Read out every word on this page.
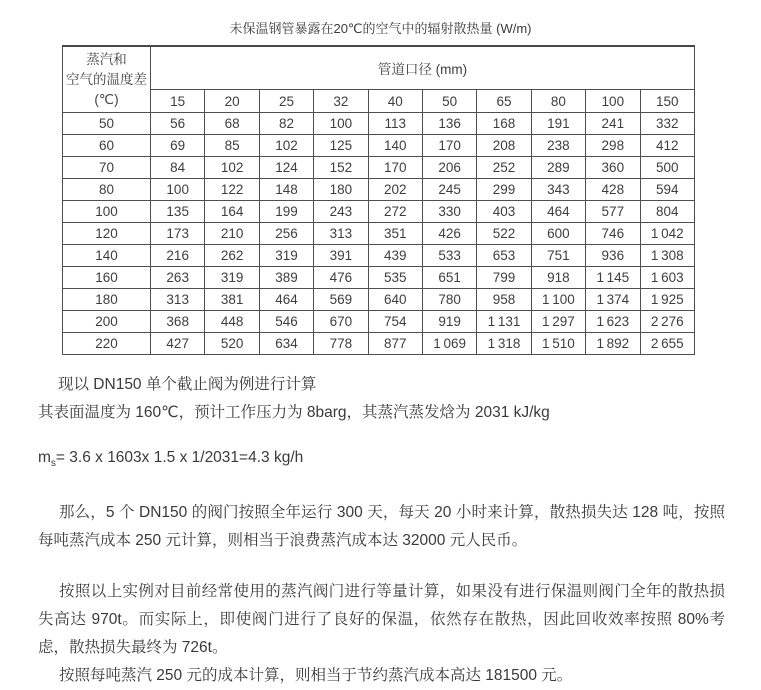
未保温钢管暴露在20℃的空气中的辐射散热量 (W/m)
蒸汽和
空气的温度差
(℃)	管道口径 (mm)									
	15	20	25	32	40	50	65	80	100	150
50	56	68	82	100	113	136	168	191	241	332
60	69	85	102	125	140	170	208	238	298	412
70	84	102	124	152	170	206	252	289	360	500
80	100	122	148	180	202	245	299	343	428	594
100	135	164	199	243	272	330	403	464	577	804
120	173	210	256	313	351	426	522	600	746	1 042
140	216	262	319	391	439	533	653	751	936	1 308
160	263	319	389	476	535	651	799	918	1 145	1 603
180	313	381	464	569	640	780	958	1 100	1 374	1 925
200	368	448	546	670	754	919	1 131	1 297	1 623	2 276
220	427	520	634	778	877	1 069	1 318	1 510	1 892	2 655

现以 DN150 单个截止阀为例进行计算

其表面温度为 160℃，预计工作压力为 8barg，其蒸汽蒸发焓为 2031 kJ/kg

$m_s= 3.6$ x 1603x 1.5 x 1/2031=4.3 kg/h

那么，5 个 DN150 的阀门按照全年运行 300 天，每天 20 小时来计算，散热损失达 128 吨，按照每吨蒸汽成本 250 元计算，则相当于浪费蒸汽成本达 32000 元人民币。

按照以上实例对目前经常使用的蒸汽阀门进行等量计算，如果没有进行保温则阀门全年的散热损失高达 970t。而实际上，即使阀门进行了良好的保温，依然存在散热，因此回收效率按照 80%考虑，散热损失最终为 726t。

按照每吨蒸汽 250 元的成本计算，则相当于节约蒸汽成本高达 181500 元。
